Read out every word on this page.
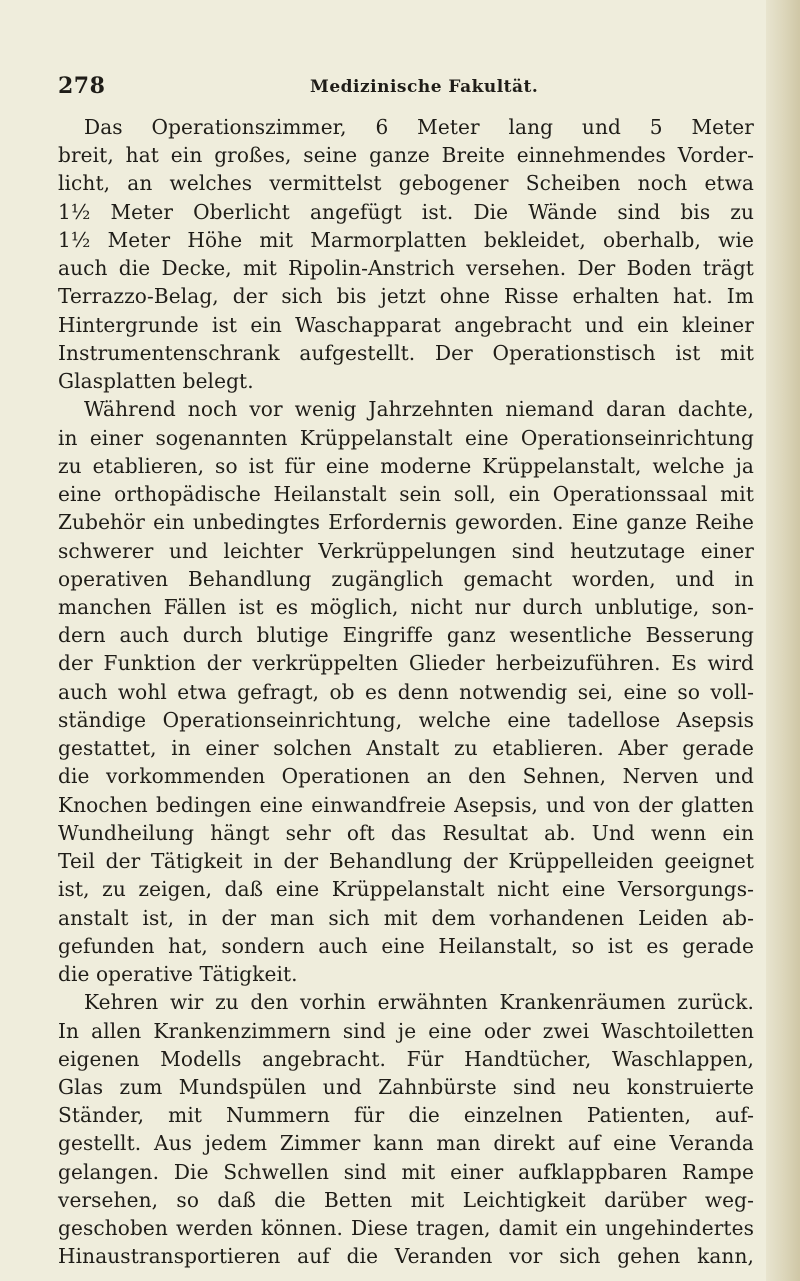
278	Medizinische Fakultät.
Das Operationszimmer, 6 Meter lang und 5 Meter
breit, hat ein großes, seine ganze Breite einnehmendes Vorder-
licht, an welches vermittelst gebogener Scheiben noch etwa
1½ Meter Oberlicht angefügt ist. Die Wände sind bis zu
1½ Meter Höhe mit Marmorplatten bekleidet, oberhalb, wie
auch die Decke, mit Ripolin-Anstrich versehen. Der Boden trägt
Terrazzo-Belag, der sich bis jetzt ohne Risse erhalten hat. Im
Hintergrunde ist ein Waschapparat angebracht und ein kleiner
Instrumentenschrank aufgestellt. Der Operationstisch ist mit
Glasplatten belegt.
Während noch vor wenig Jahrzehnten niemand daran dachte,
in einer sogenannten Krüppelanstalt eine Operationseinrichtung
zu etablieren, so ist für eine moderne Krüppelanstalt, welche ja
eine orthopädische Heilanstalt sein soll, ein Operationssaal mit
Zubehör ein unbedingtes Erfordernis geworden. Eine ganze Reihe
schwerer und leichter Verkrüppelungen sind heutzutage einer
operativen Behandlung zugänglich gemacht worden, und in
manchen Fällen ist es möglich, nicht nur durch unblutige, son-
dern auch durch blutige Eingriffe ganz wesentliche Besserung
der Funktion der verkrüppelten Glieder herbeizuführen. Es wird
auch wohl etwa gefragt, ob es denn notwendig sei, eine so voll-
ständige Operationseinrichtung, welche eine tadellose Asepsis
gestattet, in einer solchen Anstalt zu etablieren. Aber gerade
die vorkommenden Operationen an den Sehnen, Nerven und
Knochen bedingen eine einwandfreie Asepsis, und von der glatten
Wundheilung hängt sehr oft das Resultat ab. Und wenn ein
Teil der Tätigkeit in der Behandlung der Krüppelleiden geeignet
ist, zu zeigen, daß eine Krüppelanstalt nicht eine Versorgungs-
anstalt ist, in der man sich mit dem vorhandenen Leiden ab-
gefunden hat, sondern auch eine Heilanstalt, so ist es gerade
die operative Tätigkeit.
Kehren wir zu den vorhin erwähnten Krankenräumen zurück.
In allen Krankenzimmern sind je eine oder zwei Waschtoiletten
eigenen Modells angebracht. Für Handtücher, Waschlappen,
Glas zum Mundspülen und Zahnbürste sind neu konstruierte
Ständer, mit Nummern für die einzelnen Patienten, auf-
gestellt. Aus jedem Zimmer kann man direkt auf eine Veranda
gelangen. Die Schwellen sind mit einer aufklappbaren Rampe
versehen, so daß die Betten mit Leichtigkeit darüber weg-
geschoben werden können. Diese tragen, damit ein ungehindertes
Hinaustransportieren auf die Veranden vor sich gehen kann,
